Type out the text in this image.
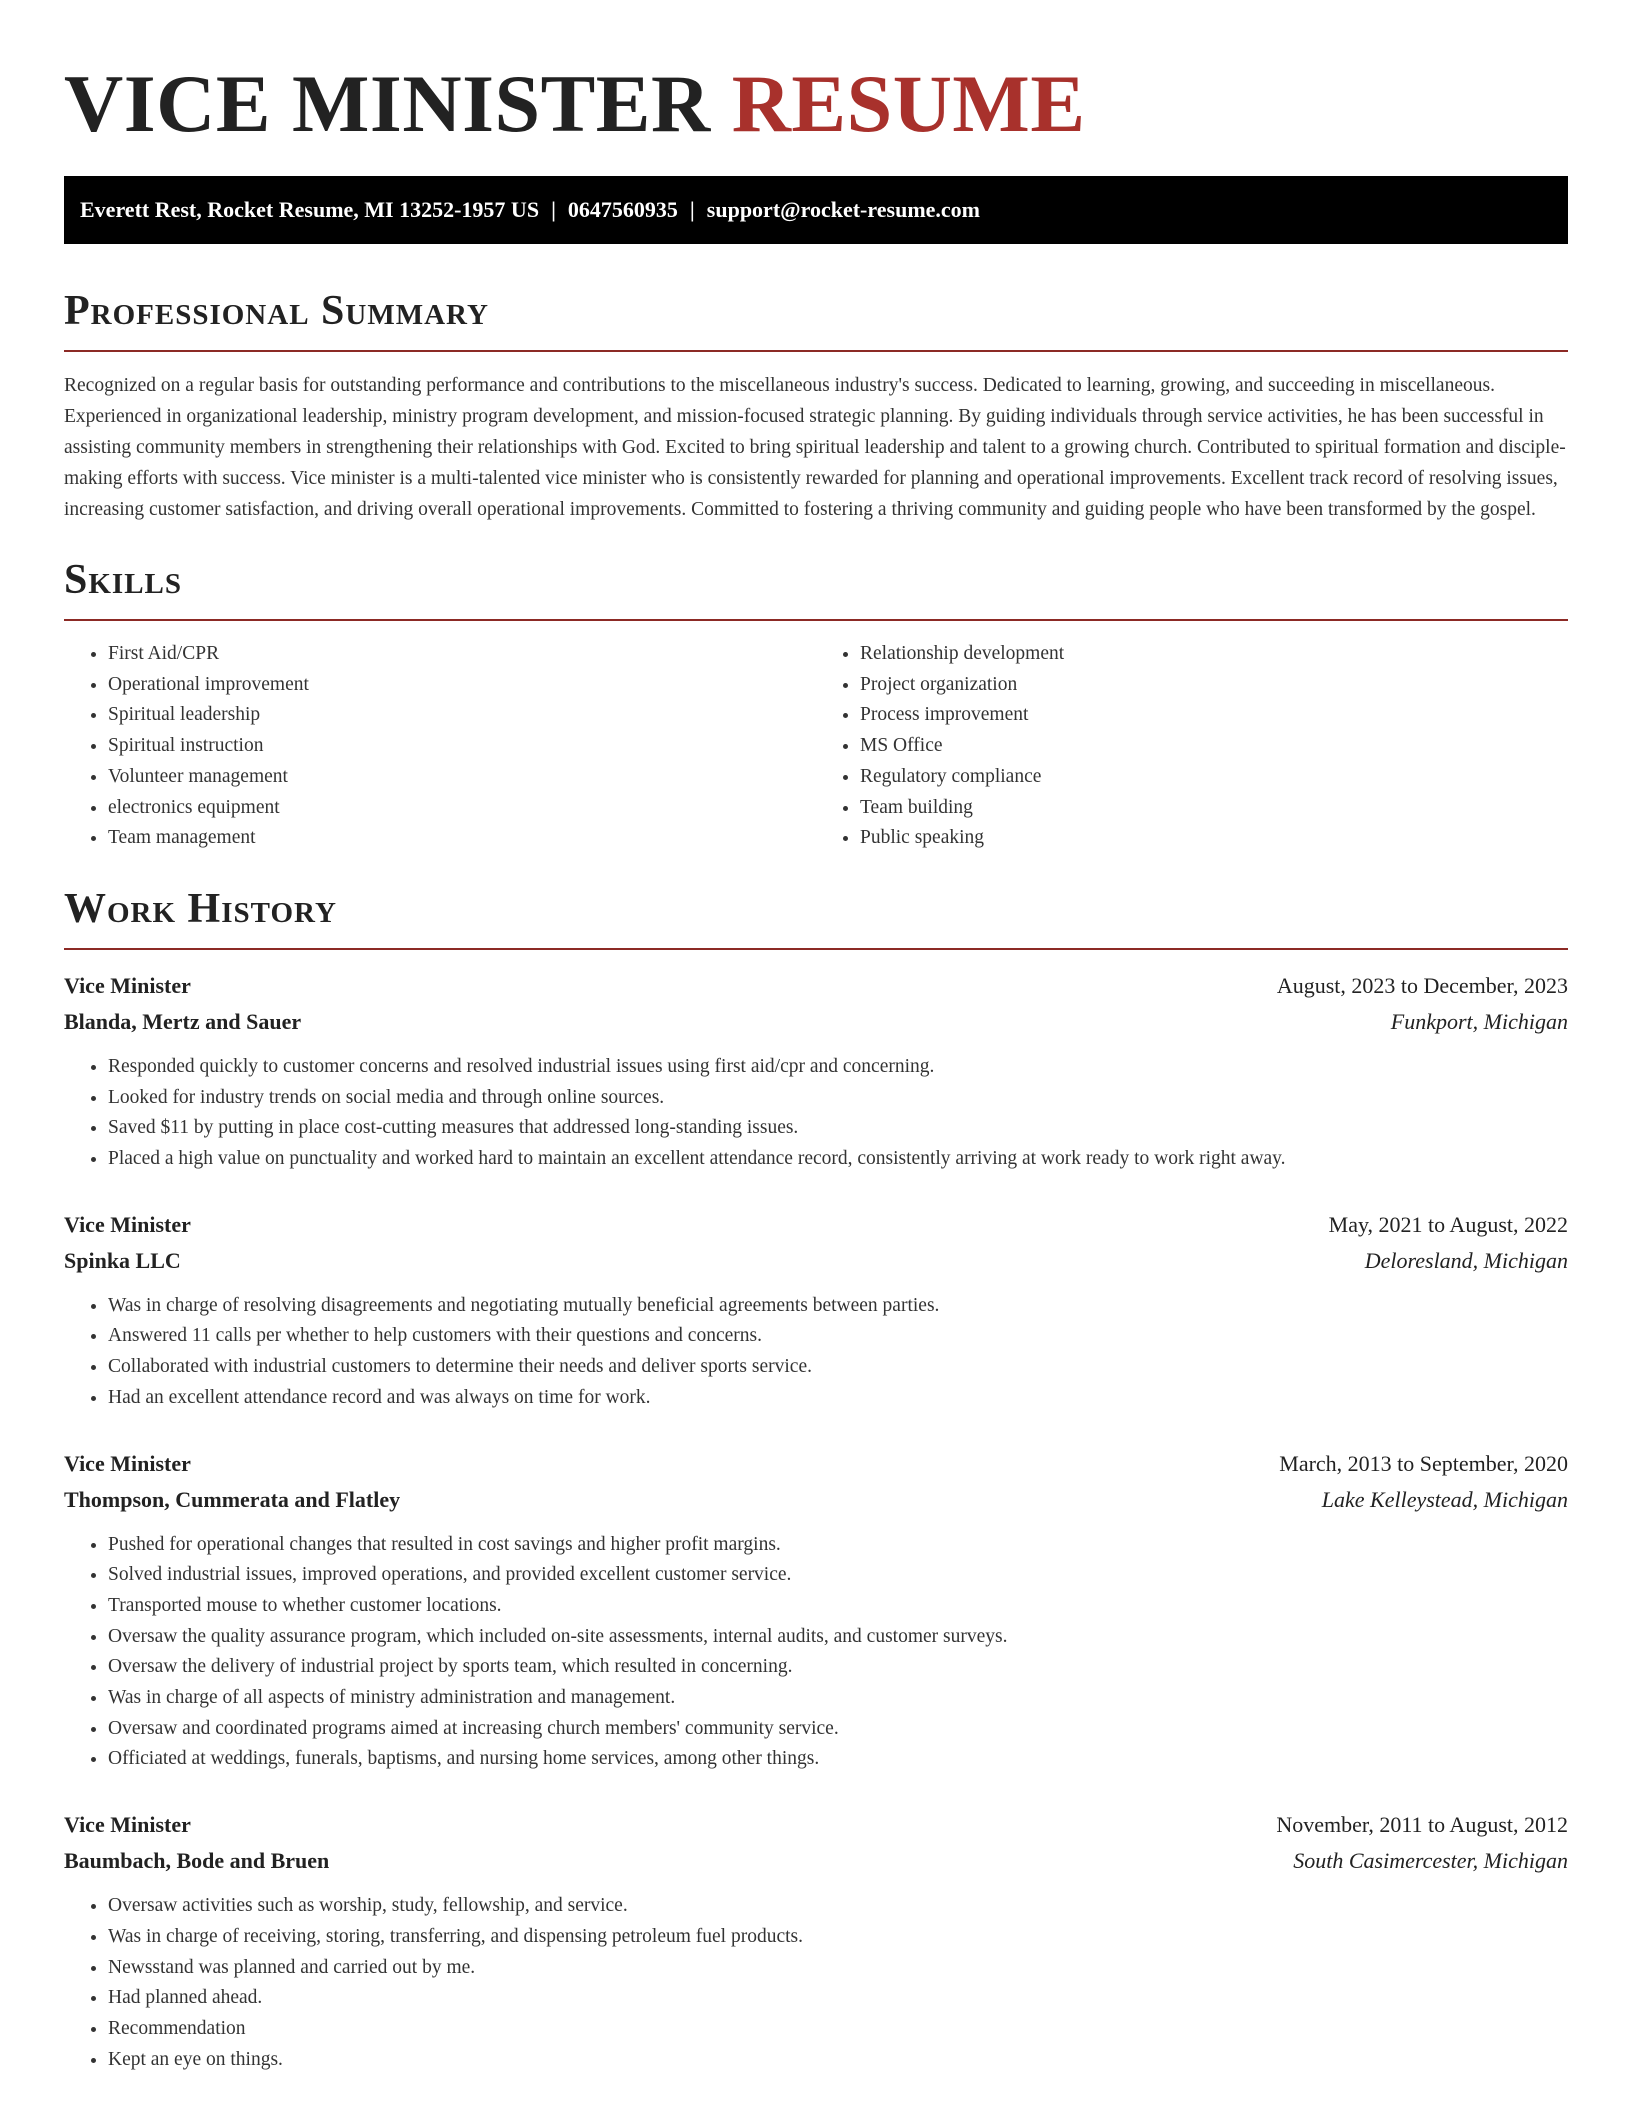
VICE MINISTER RESUME
Everett Rest, Rocket Resume, MI 13252-1957 US | 0647560935 | support@rocket-resume.com
Professional Summary

Recognized on a regular basis for outstanding performance and contributions to the miscellaneous industry's success. Dedicated to learning, growing, and succeeding in miscellaneous. Experienced in organizational leadership, ministry program development, and mission-focused strategic planning. By guiding individuals through service activities, he has been successful in assisting community members in strengthening their relationships with God. Excited to bring spiritual leadership and talent to a growing church. Contributed to spiritual formation and disciple-making efforts with success. Vice minister is a multi-talented vice minister who is consistently rewarded for planning and operational improvements. Excellent track record of resolving issues, increasing customer satisfaction, and driving overall operational improvements. Committed to fostering a thriving community and guiding people who have been transformed by the gospel.

Skills
• First Aid/CPR
• Operational improvement
• Spiritual leadership
• Spiritual instruction
• Volunteer management
• electronics equipment
• Team management
• Relationship development
• Project organization
• Process improvement
• MS Office
• Regulatory compliance
• Team building
• Public speaking
Work History
Vice Minister	August, 2023 to December, 2023
Blanda, Mertz and Sauer	Funkport, Michigan
• Responded quickly to customer concerns and resolved industrial issues using first aid/cpr and concerning.
• Looked for industry trends on social media and through online sources.
• Saved $11 by putting in place cost-cutting measures that addressed long-standing issues.
• Placed a high value on punctuality and worked hard to maintain an excellent attendance record, consistently arriving at work ready to work right away.
Vice Minister	May, 2021 to August, 2022
Spinka LLC	Deloresland, Michigan
• Was in charge of resolving disagreements and negotiating mutually beneficial agreements between parties.
• Answered 11 calls per whether to help customers with their questions and concerns.
• Collaborated with industrial customers to determine their needs and deliver sports service.
• Had an excellent attendance record and was always on time for work.
Vice Minister	March, 2013 to September, 2020
Thompson, Cummerata and Flatley	Lake Kelleystead, Michigan
• Pushed for operational changes that resulted in cost savings and higher profit margins.
• Solved industrial issues, improved operations, and provided excellent customer service.
• Transported mouse to whether customer locations.
• Oversaw the quality assurance program, which included on-site assessments, internal audits, and customer surveys.
• Oversaw the delivery of industrial project by sports team, which resulted in concerning.
• Was in charge of all aspects of ministry administration and management.
• Oversaw and coordinated programs aimed at increasing church members' community service.
• Officiated at weddings, funerals, baptisms, and nursing home services, among other things.
Vice Minister	November, 2011 to August, 2012
Baumbach, Bode and Bruen	South Casimercester, Michigan
• Oversaw activities such as worship, study, fellowship, and service.
• Was in charge of receiving, storing, transferring, and dispensing petroleum fuel products.
• Newsstand was planned and carried out by me.
• Had planned ahead.
• Recommendation
• Kept an eye on things.
